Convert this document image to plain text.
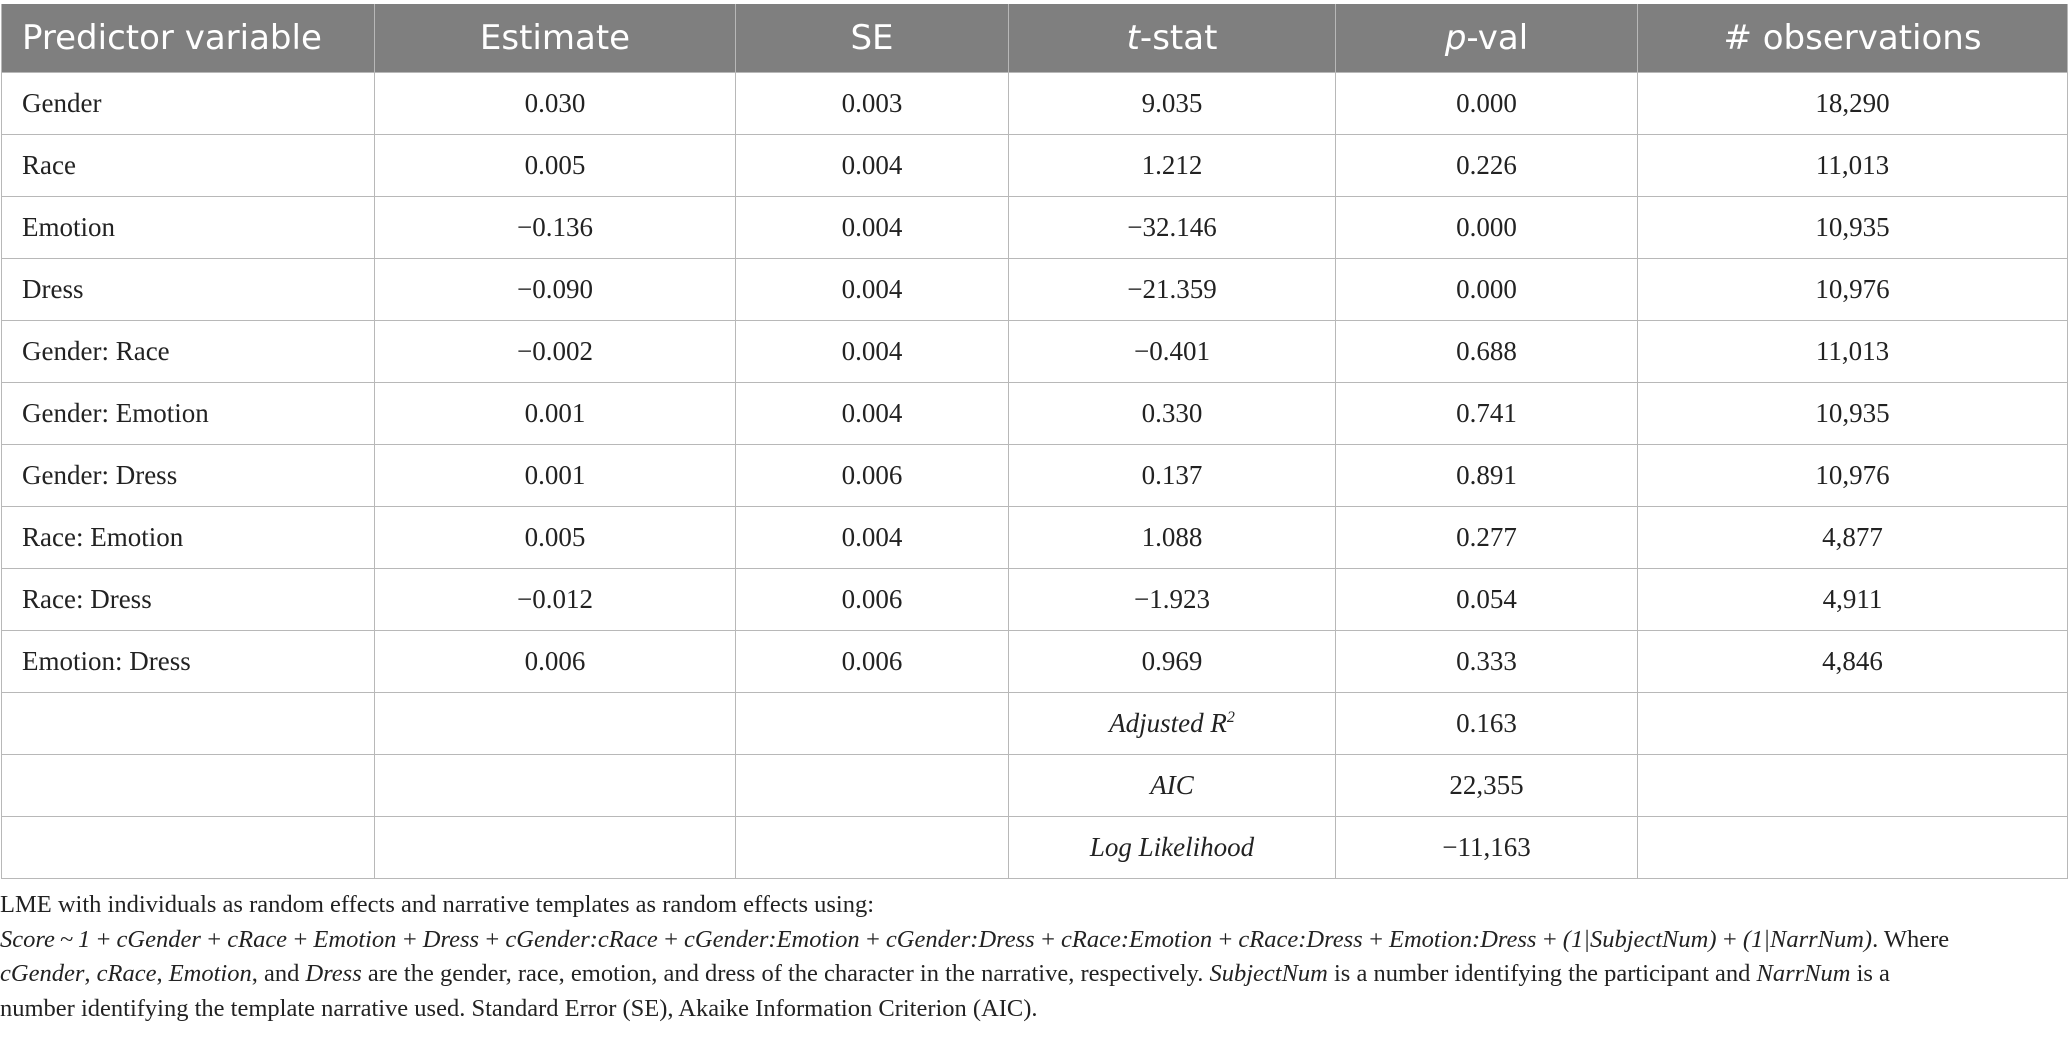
Predictor variable	Estimate	SE	t-stat	p-val	# observations
Gender	0.030	0.003	9.035	0.000	18,290
Race	0.005	0.004	1.212	0.226	11,013
Emotion	−0.136	0.004	−32.146	0.000	10,935
Dress	−0.090	0.004	−21.359	0.000	10,976
Gender: Race	−0.002	0.004	−0.401	0.688	11,013
Gender: Emotion	0.001	0.004	0.330	0.741	10,935
Gender: Dress	0.001	0.006	0.137	0.891	10,976
Race: Emotion	0.005	0.004	1.088	0.277	4,877
Race: Dress	−0.012	0.006	−1.923	0.054	4,911
Emotion: Dress	0.006	0.006	0.969	0.333	4,846
			Adjusted $R^2$	0.163	
			AIC	22,355	
			Log Likelihood	−11,163	

LME with individuals as random effects and narrative templates as random effects using:

Score ~ 1 + cGender + cRace + Emotion + Dress + cGender:cRace + cGender:Emotion + cGender:Dress + cRace:Emotion + cRace:Dress + Emotion:Dress + (1|SubjectNum) + (1|NarrNum). Where

cGender, cRace, Emotion, and Dress are the gender, race, emotion, and dress of the character in the narrative, respectively. SubjectNum is a number identifying the participant and NarrNum is a

number identifying the template narrative used. Standard Error (SE), Akaike Information Criterion (AIC).
